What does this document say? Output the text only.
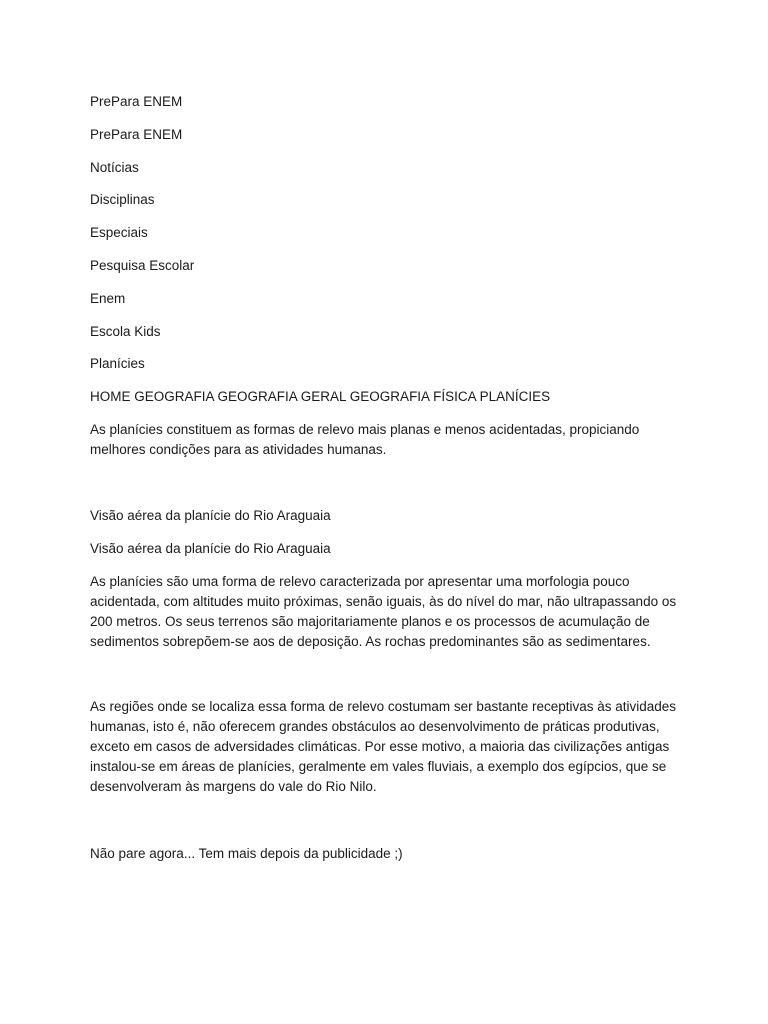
PrePara ENEM

PrePara ENEM

Notícias

Disciplinas

Especiais

Pesquisa Escolar

Enem

Escola Kids

Planícies

HOME GEOGRAFIA GEOGRAFIA GERAL GEOGRAFIA FÍSICA PLANÍCIES

As planícies constituem as formas de relevo mais planas e menos acidentadas, propiciando melhores condições para as atividades humanas.

Visão aérea da planície do Rio Araguaia

Visão aérea da planície do Rio Araguaia

As planícies são uma forma de relevo caracterizada por apresentar uma morfologia pouco acidentada, com altitudes muito próximas, senão iguais, às do nível do mar, não ultrapassando os 200 metros. Os seus terrenos são majoritariamente planos e os processos de acumulação de sedimentos sobrepõem-se aos de deposição. As rochas predominantes são as sedimentares.

As regiões onde se localiza essa forma de relevo costumam ser bastante receptivas às atividades humanas, isto é, não oferecem grandes obstáculos ao desenvolvimento de práticas produtivas, exceto em casos de adversidades climáticas. Por esse motivo, a maioria das civilizações antigas instalou-se em áreas de planícies, geralmente em vales fluviais, a exemplo dos egípcios, que se desenvolveram às margens do vale do Rio Nilo.

Não pare agora... Tem mais depois da publicidade ;)
